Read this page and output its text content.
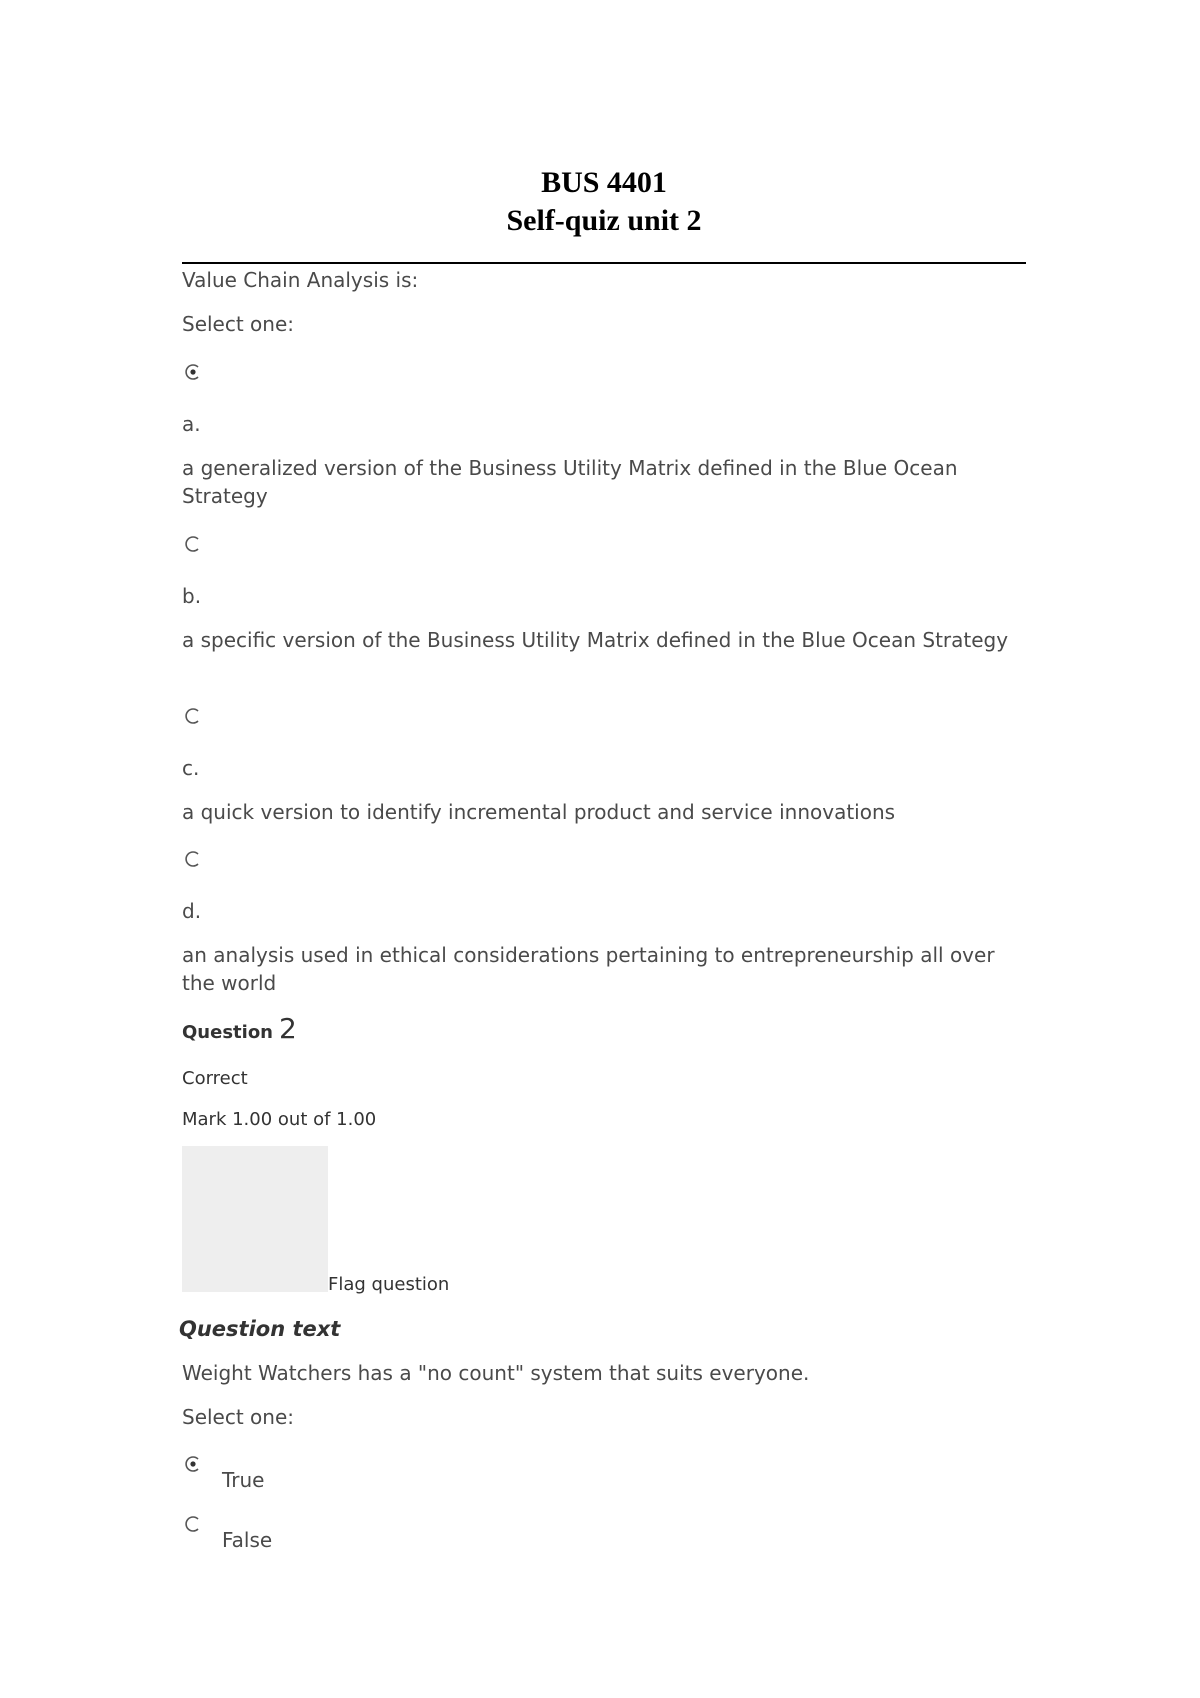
BUS 4401
Self-quiz unit 2
Value Chain Analysis is:
Select one:
a.
a generalized version of the Business Utility Matrix defined in the Blue Ocean Strategy
b.
a specific version of the Business Utility Matrix defined in the Blue Ocean Strategy
c.
a quick version to identify incremental product and service innovations
d.
an analysis used in ethical considerations pertaining to entrepreneurship all over the world
Question 2
Correct
Mark 1.00 out of 1.00
Flag question
Question text
Weight Watchers has a "no count" system that suits everyone.
Select one:
True
False
